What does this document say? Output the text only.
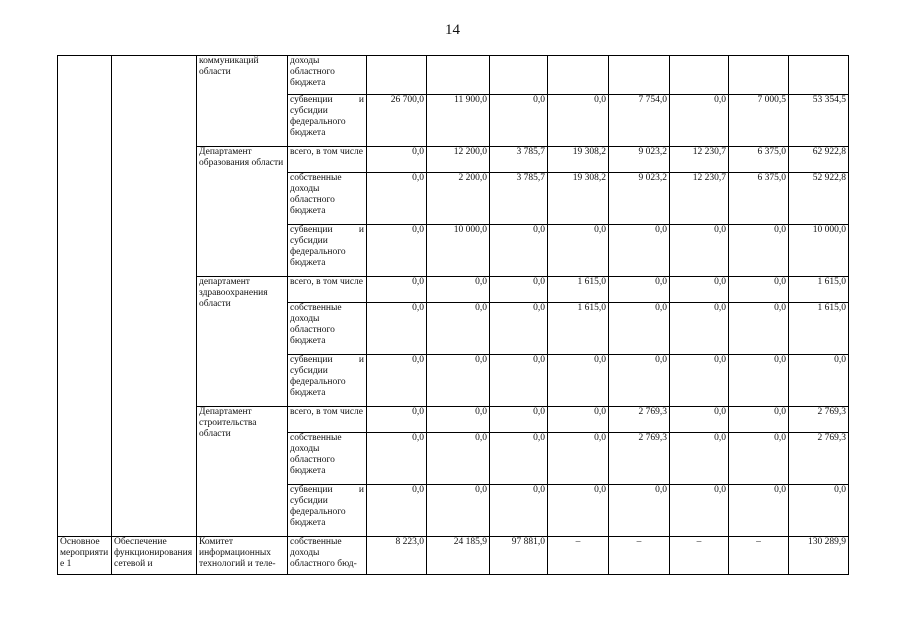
14
		коммуникаций области	доходы областного бюджета								
			субвенции и субсидии федерального бюджета	26 700,0	11 900,0	0,0	0,0	7 754,0	0,0	7 000,5	53 354,5
		Департамент образования области	всего, в том числе	0,0	12 200,0	3 785,7	19 308,2	9 023,2	12 230,7	6 375,0	62 922,8
			собственные доходы областного бюджета	0,0	2 200,0	3 785,7	19 308,2	9 023,2	12 230,7	6 375,0	52 922,8
			субвенции и субсидии федерального бюджета	0,0	10 000,0	0,0	0,0	0,0	0,0	0,0	10 000,0
		департамент здравоохранения области	всего, в том числе	0,0	0,0	0,0	1 615,0	0,0	0,0	0,0	1 615,0
			собственные доходы областного бюджета	0,0	0,0	0,0	1 615,0	0,0	0,0	0,0	1 615,0
			субвенции и субсидии федерального бюджета	0,0	0,0	0,0	0,0	0,0	0,0	0,0	0,0
		Департамент строительства области	всего, в том числе	0,0	0,0	0,0	0,0	2 769,3	0,0	0,0	2 769,3
			собственные доходы областного бюджета	0,0	0,0	0,0	0,0	2 769,3	0,0	0,0	2 769,3
			субвенции и субсидии федерального бюджета	0,0	0,0	0,0	0,0	0,0	0,0	0,0	0,0
Основное мероприятие 1	Обеспечение функционирования сетевой и	Комитет информационных технологий и теле-	собственные доходы областного бюд-	8 223,0	24 185,9	97 881,0	–	–	–	–	130 289,9
